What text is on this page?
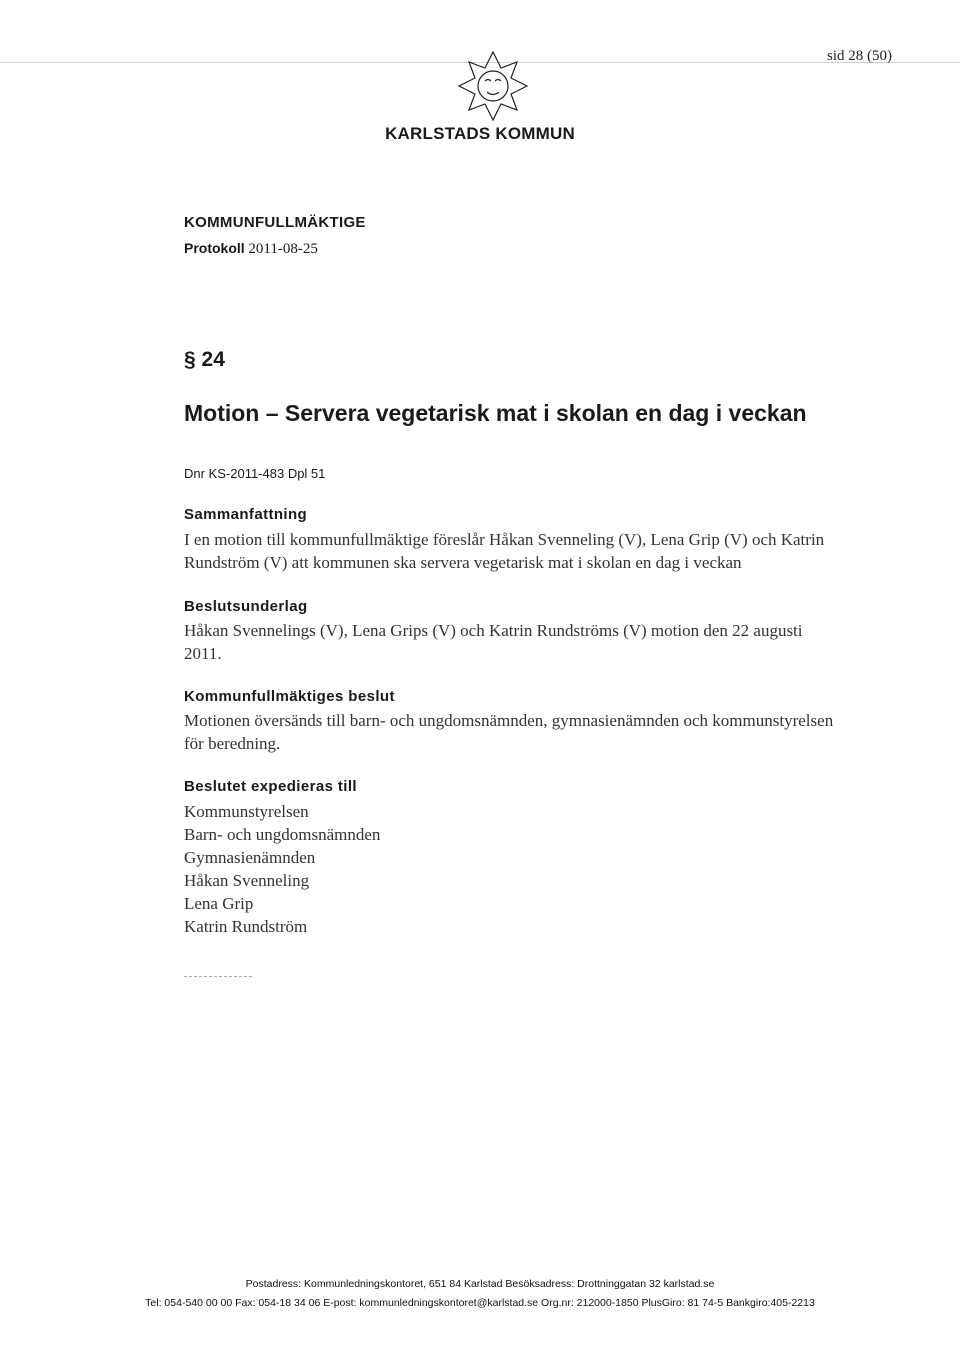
sid 28 (50)
KARLSTADS KOMMUN
KOMMUNFULLMÄKTIGE
Protokoll 2011-08-25
§ 24
Motion – Servera vegetarisk mat i skolan en dag i veckan
Dnr KS-2011-483 Dpl 51
Sammanfattning
I en motion till kommunfullmäktige föreslår Håkan Svenneling (V), Lena Grip (V) och Katrin Rundström (V) att kommunen ska servera vegetarisk mat i skolan en dag i veckan
Beslutsunderlag
Håkan Svennelings (V), Lena Grips (V) och Katrin Rundströms (V) motion den 22 augusti 2011.
Kommunfullmäktiges beslut
Motionen översänds till barn- och ungdomsnämnden, gymnasienämnden och kommunstyrelsen för beredning.
Beslutet expedieras till
Kommunstyrelsen
Barn- och ungdomsnämnden
Gymnasienämnden
Håkan Svenneling
Lena Grip
Katrin Rundström
Postadress: Kommunledningskontoret, 651 84 Karlstad Besöksadress: Drottninggatan 32 karlstad.se
Tel: 054-540 00 00 Fax: 054-18 34 06 E-post: kommunledningskontoret@karlstad.se Org.nr: 212000-1850 PlusGiro: 81 74-5 Bankgiro:405-2213
